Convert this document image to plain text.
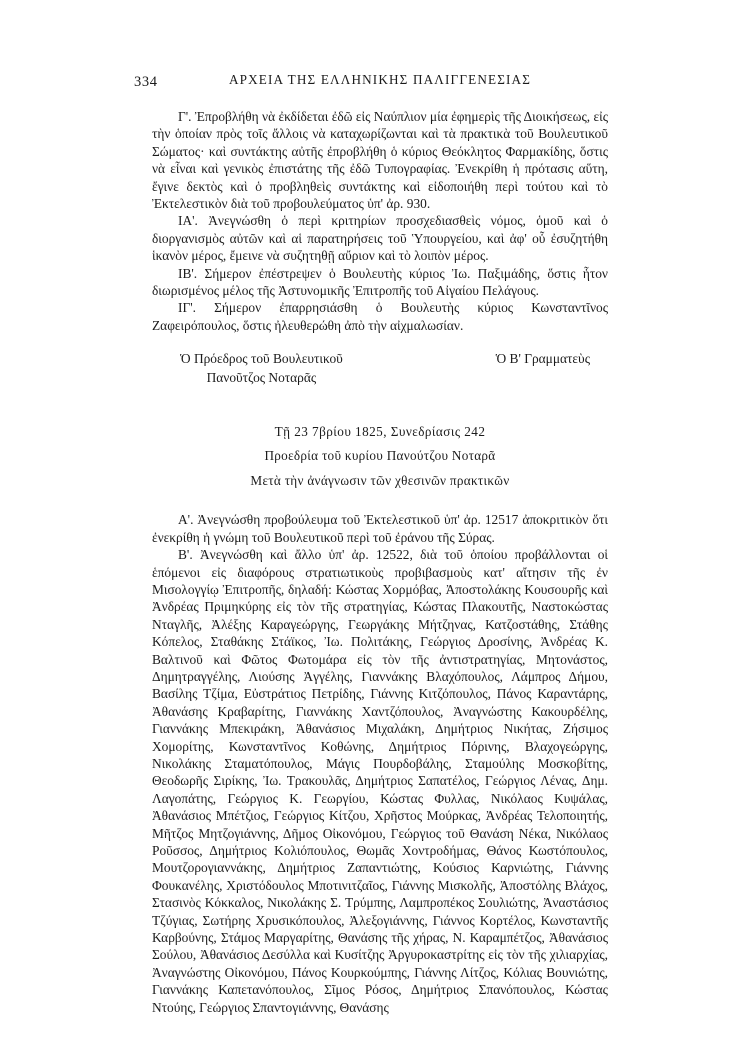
334	ΑΡΧΕΙΑ ΤΗΣ ΕΛΛΗΝΙΚΗΣ ΠΑΛΙΓΓΕΝΕΣΙΑΣ

Γ'. Ἐπροβλήθη νὰ ἐκδίδεται ἐδῶ εἰς Ναύπλιον μία ἐφημερὶς τῆς Διοικήσεως, εἰς τὴν ὁποίαν πρὸς τοῖς ἄλλοις νὰ καταχωρίζωνται καὶ τὰ πρακτικὰ τοῦ Βουλευτικοῦ Σώματος· καὶ συντάκτης αὐτῆς ἐπροβλήθη ὁ κύριος Θεόκλητος Φαρμακίδης, ὅστις νὰ εἶναι καὶ γενικὸς ἐπιστάτης τῆς ἐδῶ Τυπογραφίας. Ἐνεκρίθη ἡ πρότασις αὕτη, ἔγινε δεκτὸς καὶ ὁ προβληθεὶς συντάκτης καὶ εἰδοποιήθη περὶ τούτου καὶ τὸ Ἐκτελεστικὸν διὰ τοῦ προβουλεύματος ὑπ' ἀρ. 930.

ΙΑ'. Ἀνεγνώσθη ὁ περὶ κριτηρίων προσχεδιασθεὶς νόμος, ὁμοῦ καὶ ὁ διοργανισμὸς αὐτῶν καὶ αἱ παρατηρήσεις τοῦ Ὑπουργείου, καὶ ἀφ' οὗ ἐσυζητήθη ἱκανὸν μέρος, ἔμεινε νὰ συζητηθῇ αὔριον καὶ τὸ λοιπὸν μέρος.

ΙΒ'. Σήμερον ἐπέστρεψεν ὁ Βουλευτὴς κύριος Ἰω. Παξιμάδης, ὅστις ἦτον διωρισμένος μέλος τῆς Ἀστυνομικῆς Ἐπιτροπῆς τοῦ Αἰγαίου Πελάγους.

ΙΓ'. Σήμερον ἐπαρρησιάσθη ὁ Βουλευτὴς κύριος Κωνσταντῖνος Ζαφειρόπουλος, ὅστις ἠλευθερώθη ἀπὸ τὴν αἰχμαλωσίαν.

Ὁ Πρόεδρος τοῦ Βουλευτικοῦ
Πανοῦτζος Νοταρᾶς
Ὁ Β' Γραμματεὺς
Τῇ 23 7βρίου 1825, Συνεδρίασις 242
Προεδρία τοῦ κυρίου Πανούτζου Νοταρᾶ
Μετὰ τὴν ἀνάγνωσιν τῶν χθεσινῶν πρακτικῶν

Α'. Ἀνεγνώσθη προβούλευμα τοῦ Ἐκτελεστικοῦ ὑπ' ἀρ. 12517 ἀποκριτικὸν ὅτι ἐνεκρίθη ἡ γνώμη τοῦ Βουλευτικοῦ περὶ τοῦ ἐράνου τῆς Σύρας.

Β'. Ἀνεγνώσθη καὶ ἄλλο ὑπ' ἀρ. 12522, διὰ τοῦ ὁποίου προβάλλονται οἱ ἑπόμενοι εἰς διαφόρους στρατιωτικοὺς προβιβασμοὺς κατ' αἴτησιν τῆς ἐν Μισολογγίῳ Ἐπιτροπῆς, δηλαδή: Κώστας Χορμόβας, Ἀποστολάκης Κουσουρῆς καὶ Ἀνδρέας Πριμηκύρης εἰς τὸν τῆς στρατηγίας, Κώστας Πλακουτῆς, Ναστοκώστας Νταγλῆς, Ἀλέξης Καραγεώργης, Γεωργάκης Μήτζηνας, Κατζοστάθης, Στάθης Κόπελος, Σταθάκης Στάϊκος, Ἰω. Πολιτάκης, Γεώργιος Δροσίνης, Ἀνδρέας Κ. Βαλτινοῦ καὶ Φῶτος Φωτομάρα εἰς τὸν τῆς ἀντιστρατηγίας, Μητονάστος, Δημητραγγέλης, Λιούσης Ἀγγέλης, Γιαννάκης Βλαχόπουλος, Λάμπρος Δήμου, Βασίλης Τζίμα, Εὐστράτιος Πετρίδης, Γιάννης Κιτζόπουλος, Πάνος Καραντάρης, Ἀθανάσης Κραβαρίτης, Γιαννάκης Χαντζόπουλος, Ἀναγνώστης Κακουρδέλης, Γιαννάκης Μπεκιράκη, Ἀθανάσιος Μιχαλάκη, Δημήτριος Νικήτας, Ζήσιμος Χομορίτης, Κωνσταντῖνος Κοθώνης, Δημήτριος Πόρινης, Βλαχογεώργης, Νικολάκης Σταματόπουλος, Μάγις Πουρδοβάλης, Σταμούλης Μοσκοβίτης, Θεοδωρῆς Σιρίκης, Ἰω. Τρακουλᾶς, Δημήτριος Σαπατέλος, Γεώργιος Λένας, Δημ. Λαγοπάτης, Γεώργιος Κ. Γεωργίου, Κώστας Φυλλας, Νικόλαος Κυψάλας, Ἀθανάσιος Μπέτζιος, Γεώργιος Κίτζου, Χρῆστος Μούρκας, Ἀνδρέας Τελοποιητής, Μῆτζος Μητζογιάννης, Δῆμος Οἰκονόμου, Γεώργιος τοῦ Θανάση Νέκα, Νικόλαος Ροῦσσος, Δημήτριος Κολιόπουλος, Θωμᾶς Χοντροδήμας, Θάνος Κωστόπουλος, Μουτζορογιαννάκης, Δημήτριος Ζαπαντιώτης, Κούσιος Καρνιώτης, Γιάννης Φουκανέλης, Χριστόδουλος Μποτινιτζαῖος, Γιάννης Μισκολῆς, Ἀποστόλης Βλάχος, Στασινὸς Κόκκαλος, Νικολάκης Σ. Τρύμπης, Λαμπροπέκος Σουλιώτης, Ἀναστάσιος Τζύγιας, Σωτήρης Χρυσικόπουλος, Ἀλεξογιάννης, Γιάννος Κορτέλος, Κωνσταντῆς Καρβούνης, Στάμος Μαργαρίτης, Θανάσης τῆς χήρας, Ν. Καραμπέτζος, Ἀθανάσιος Σούλου, Ἀθανάσιος Δεσύλλα καὶ Κυσίτζης Ἀργυροκαστρίτης εἰς τὸν τῆς χιλιαρχίας, Ἀναγνώστης Οἰκονόμου, Πάνος Κουρκούμπης, Γιάννης Λίτζος, Κόλιας Βουνιώτης, Γιαννάκης Καπετανόπουλος, Σῖμος Ρόσος, Δημήτριος Σπανόπουλος, Κώστας Ντούης, Γεώργιος Σπαντογιάννης, Θανάσης
